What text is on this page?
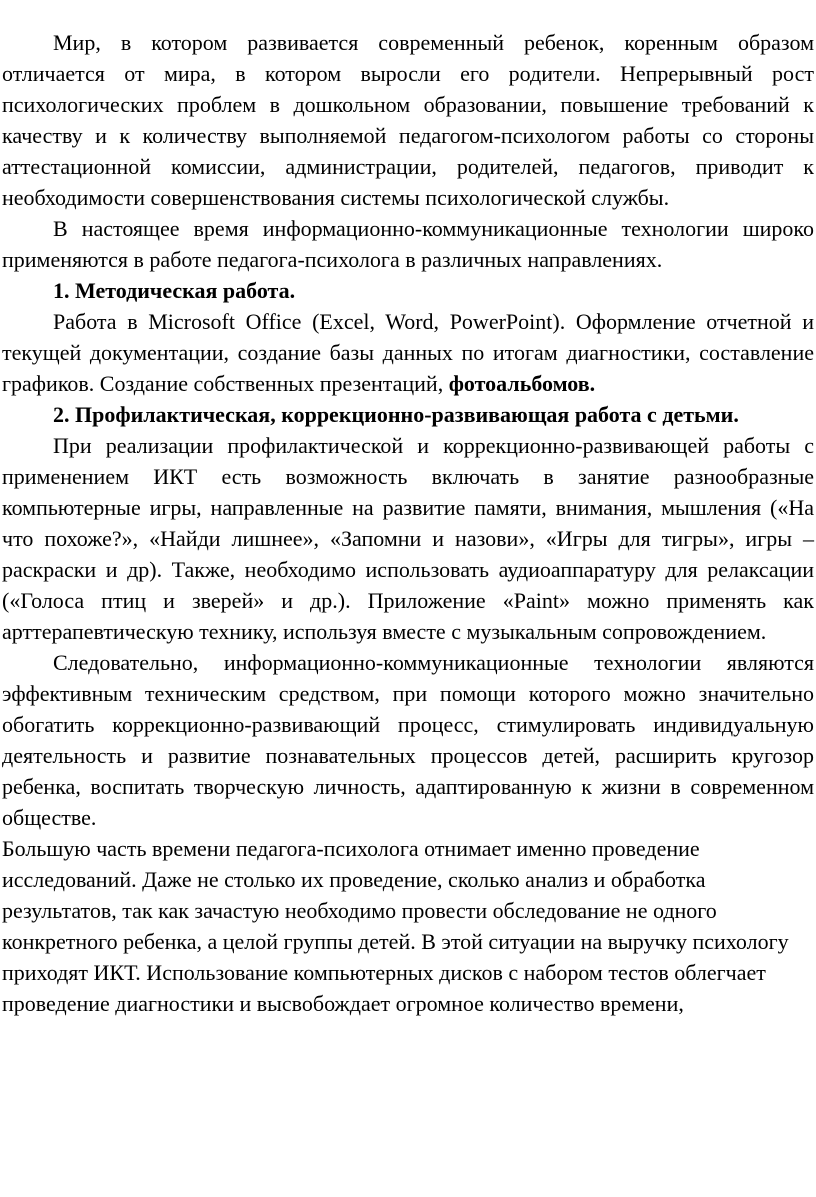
Мир, в котором развивается современный ребенок, коренным образом отличается от мира, в котором выросли его родители. Непрерывный рост психологических проблем в дошкольном образовании, повышение требований к качеству и к количеству выполняемой педагогом-психологом работы со стороны аттестационной комиссии, администрации, родителей, педагогов, приводит к необходимости совершенствования системы психологической службы.

В настоящее время информационно-коммуникационные технологии широко применяются в работе педагога-психолога в различных направлениях.

1. Методическая работа.

Работа в Microsoft Office (Excel, Word, PowerPoint). Оформление отчетной и текущей документации, создание базы данных по итогам диагностики, составление графиков. Создание собственных презентаций, фотоальбомов.

2. Профилактическая, коррекционно-развивающая работа с детьми.

При реализации профилактической и коррекционно-развивающей работы с применением ИКТ есть возможность включать в занятие разнообразные компьютерные игры, направленные на развитие памяти, внимания, мышления («На что похоже?», «Найди лишнее», «Запомни и назови», «Игры для тигры», игры – раскраски и др). Также, необходимо использовать аудиоаппаратуру для релаксации («Голоса птиц и зверей» и др.). Приложение «Paint» можно применять как арттерапевтическую технику, используя вместе с музыкальным сопровождением.

Следовательно, информационно-коммуникационные технологии являются эффективным техническим средством, при помощи которого можно значительно обогатить коррекционно-развивающий процесс, стимулировать индивидуальную деятельность и развитие познавательных процессов детей, расширить кругозор ребенка, воспитать творческую личность, адаптированную к жизни в современном обществе.

Большую часть времени педагога-психолога отнимает именно проведение исследований. Даже не столько их проведение, сколько анализ и обработка результатов, так как зачастую необходимо провести обследование не одного конкретного ребенка, а целой группы детей. В этой ситуации на выручку психологу приходят ИКТ. Использование компьютерных дисков с набором тестов облегчает проведение диагностики и высвобождает огромное количество времени,
